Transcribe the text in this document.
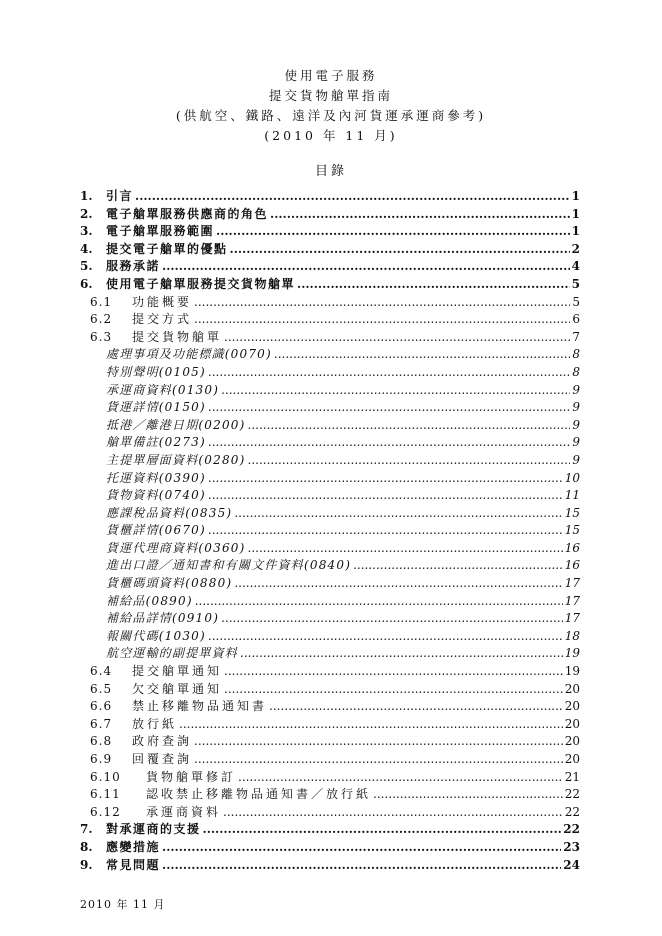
使用電子服務
提交貨物艙單指南
(供航空、鐵路、遠洋及內河貨運承運商參考)
(2010 年 11 月)
目錄
1.	引言 .....	1
2.	電子艙單服務供應商的角色 .....	1
3.	電子艙單服務範圍 .....	1
4.	提交電子艙單的優點 .....	2
5.	服務承諾 .....	4
6.	使用電子艙單服務提交貨物艙單 .....	5
6.1	功能概要 .....	5
6.2	提交方式 .....	6
6.3	提交貨物艙單 .....	7
處理事項及功能標識(0070) .....	8
特別聲明(0105) .....	8
承運商資料(0130) .....	9
貨運詳情(0150) .....	9
抵港／離港日期(0200) .....	9
艙單備註(0273) .....	9
主提單層面資料(0280) .....	9
托運資料(0390) .....	10
貨物資料(0740) .....	11
應課稅品資料(0835) .....	15
貨櫃詳情(0670) .....	15
貨運代理商資料(0360) .....	16
進出口證／通知書和有關文件資料(0840) .....	16
貨櫃碼頭資料(0880) .....	17
補給品(0890) .....	17
補給品詳情(0910) .....	17
報關代碼(1030) .....	18
航空運輸的副提單資料 .....	19
6.4	提交艙單通知 .....	19
6.5	欠交艙單通知 .....	20
6.6	禁止移離物品通知書 .....	20
6.7	放行紙 .....	20
6.8	政府查詢 .....	20
6.9	回覆查詢 .....	20
6.10	貨物艙單修訂 .....	21
6.11	認收禁止移離物品通知書／放行紙 .....	22
6.12	承運商資料 .....	22
7.	對承運商的支援 .....	22
8.	應變措施 .....	23
9.	常見問題 .....	24
2010 年 11 月
